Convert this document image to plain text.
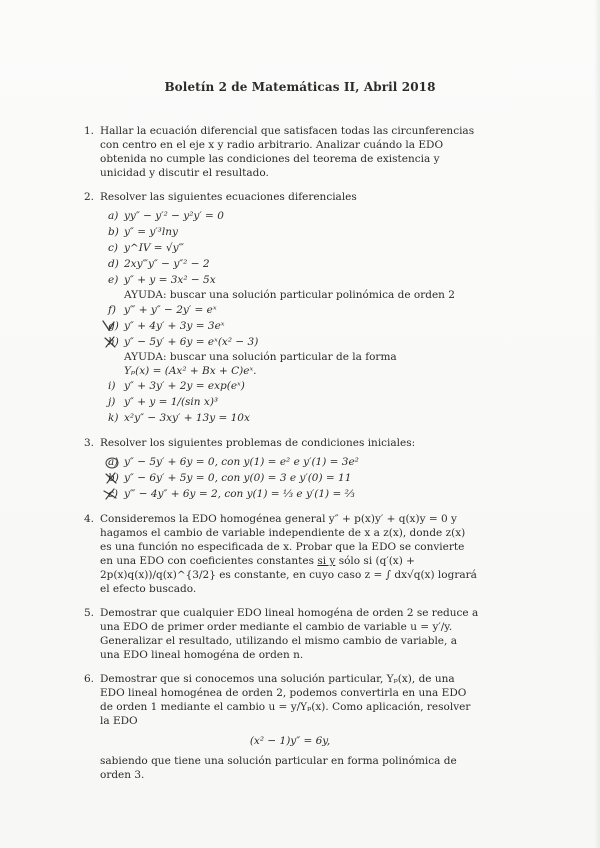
Boletín 2 de Matemáticas II, Abril 2018
1. Hallar la ecuación diferencial que satisfacen todas las circunferencias con centro en el eje x y radio arbitrario. Analizar cuándo la EDO obtenida no cumple las condiciones del teorema de existencia y unicidad y discutir el resultado.
2. Resolver las siguientes ecuaciones diferenciales
a) yy″ − y′² − y²y′ = 0
b) y″ = y′³lny
c) y^IV = √y‴
d) 2xy‴y″ − y″² − 2
e) y″ + y = 3x² − 5x
AYUDA: buscar una solución particular polinómica de orden 2
f) y‴ + y″ − 2y′ = eˣ
g) y″ + 4y′ + 3y = 3eˣ
h) y″ − 5y′ + 6y = eˣ(x² − 3)
AYUDA: buscar una solución particular de la forma
Yₚ(x) = (Ax² + Bx + C)eˣ.
i) y″ + 3y′ + 2y = exp(eˣ)
j) y″ + y = 1/(sin x)³
k) x²y″ − 3xy′ + 13y = 10x
3. Resolver los siguientes problemas de condiciones iniciales:
a) y″ − 5y′ + 6y = 0, con y(1) = e² e y′(1) = 3e²
b) y″ − 6y′ + 5y = 0, con y(0) = 3 e y′(0) = 11
c) y‴ − 4y″ + 6y = 2, con y(1) = ⅓ e y′(1) = ⅔
4. Consideremos la EDO homogénea general y″ + p(x)y′ + q(x)y = 0 y hagamos el cambio de variable independiente de x a z(x), donde z(x) es una función no especificada de x. Probar que la EDO se convierte en una EDO con coeficientes constantes si y sólo si (q′(x) + 2p(x)q(x))/q(x)^{3/2} es constante, en cuyo caso z = ∫ dx√q(x) logrará el efecto buscado.
5. Demostrar que cualquier EDO lineal homogéna de orden 2 se reduce a una EDO de primer order mediante el cambio de variable u = y′/y. Generalizar el resultado, utilizando el mismo cambio de variable, a una EDO lineal homogéna de orden n.
6. Demostrar que si conocemos una solución particular, Yₚ(x), de una EDO lineal homogénea de orden 2, podemos convertirla en una EDO de orden 1 mediante el cambio u = y/Yₚ(x). Como aplicación, resolver la EDO
(x² − 1)y″ = 6y,
sabiendo que tiene una solución particular en forma polinómica de orden 3.
